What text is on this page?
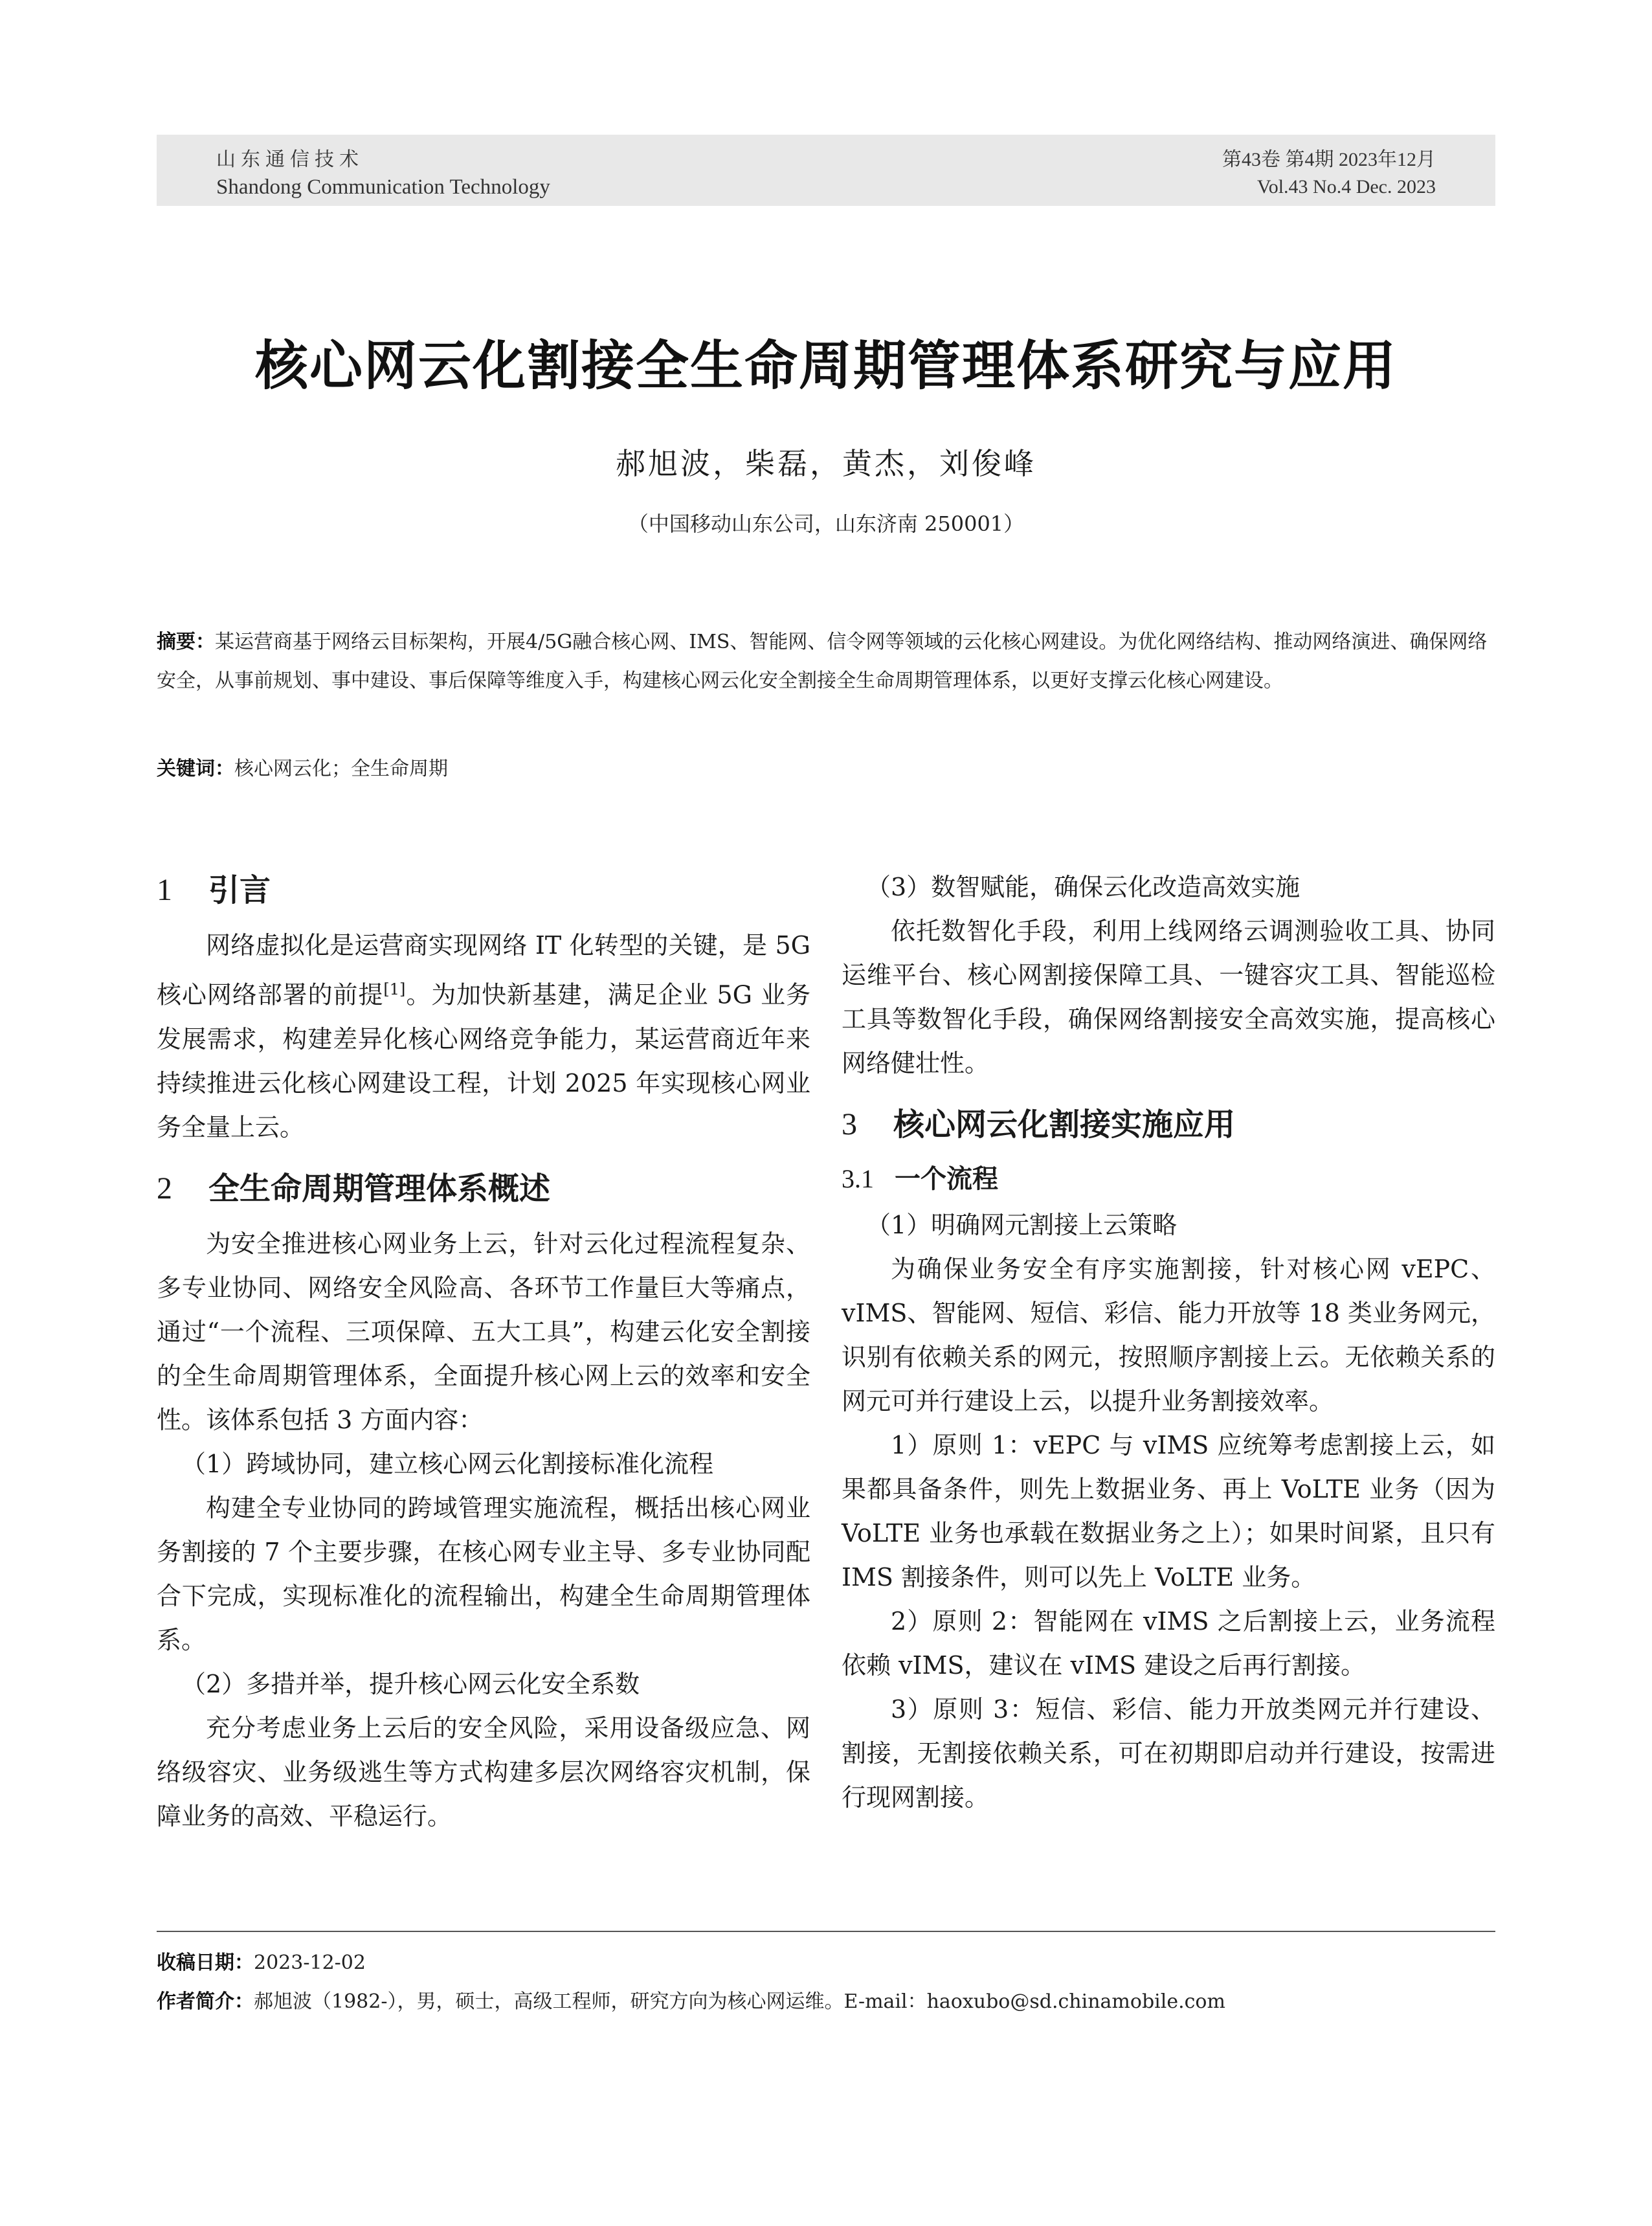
山东通信技术
Shandong Communication Technology
第43卷 第4期 2023年12月
Vol.43 No.4 Dec. 2023
核心网云化割接全生命周期管理体系研究与应用
郝旭波，柴磊，黄杰，刘俊峰
（中国移动山东公司，山东济南 250001）
摘要：某运营商基于网络云目标架构，开展4/5G融合核心网、IMS、智能网、信令网等领域的云化核心网建设。为优化网络结构、推动网络演进、确保网络安全，从事前规划、事中建设、事后保障等维度入手，构建核心网云化安全割接全生命周期管理体系，以更好支撑云化核心网建设。
关键词：核心网云化；全生命周期
1 引言

网络虚拟化是运营商实现网络 IT 化转型的关键，是 5G 核心网络部署的前提[1]。为加快新基建，满足企业 5G 业务发展需求，构建差异化核心网络竞争能力，某运营商近年来持续推进云化核心网建设工程，计划 2025 年实现核心网业务全量上云。

2 全生命周期管理体系概述

为安全推进核心网业务上云，针对云化过程流程复杂、多专业协同、网络安全风险高、各环节工作量巨大等痛点，通过“一个流程、三项保障、五大工具”，构建云化安全割接的全生命周期管理体系，全面提升核心网上云的效率和安全性。该体系包括 3 方面内容：

（1）跨域协同，建立核心网云化割接标准化流程

构建全专业协同的跨域管理实施流程，概括出核心网业务割接的 7 个主要步骤，在核心网专业主导、多专业协同配合下完成，实现标准化的流程输出，构建全生命周期管理体系。

（2）多措并举，提升核心网云化安全系数

充分考虑业务上云后的安全风险，采用设备级应急、网络级容灾、业务级逃生等方式构建多层次网络容灾机制，保障业务的高效、平稳运行。

（3）数智赋能，确保云化改造高效实施

依托数智化手段，利用上线网络云调测验收工具、协同运维平台、核心网割接保障工具、一键容灾工具、智能巡检工具等数智化手段，确保网络割接安全高效实施，提高核心网络健壮性。

3 核心网云化割接实施应用
3.1 一个流程

（1）明确网元割接上云策略

为确保业务安全有序实施割接，针对核心网 vEPC、vIMS、智能网、短信、彩信、能力开放等 18 类业务网元，识别有依赖关系的网元，按照顺序割接上云。无依赖关系的网元可并行建设上云，以提升业务割接效率。

1）原则 1：vEPC 与 vIMS 应统筹考虑割接上云，如果都具备条件，则先上数据业务、再上 VoLTE 业务（因为 VoLTE 业务也承载在数据业务之上）；如果时间紧，且只有 IMS 割接条件，则可以先上 VoLTE 业务。

2）原则 2：智能网在 vIMS 之后割接上云，业务流程依赖 vIMS，建议在 vIMS 建设之后再行割接。

3）原则 3：短信、彩信、能力开放类网元并行建设、割接，无割接依赖关系，可在初期即启动并行建设，按需进行现网割接。

收稿日期：2023-12-02
作者简介：郝旭波（1982-），男，硕士，高级工程师，研究方向为核心网运维。E-mail：haoxubo@sd.chinamobile.com
